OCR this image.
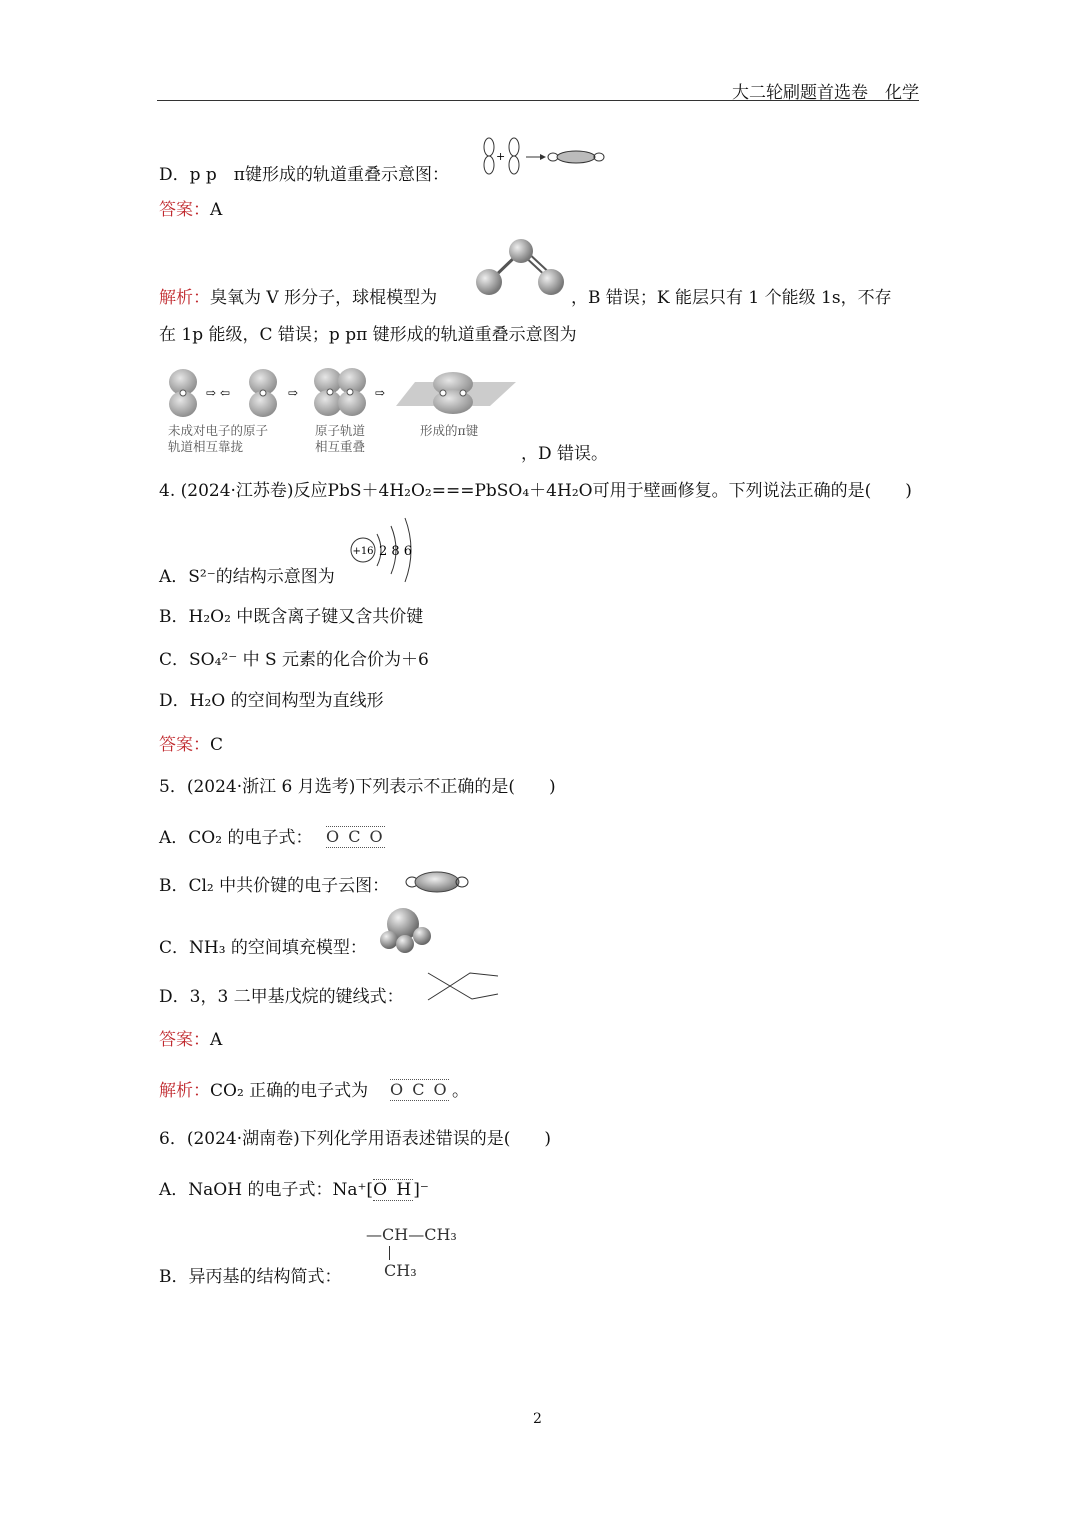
大二轮刷题首选卷　化学
D．p p　π键形成的轨道重叠示意图：
+
答案：A
解析：臭氧为 V 形分子，球棍模型为	，B 错误；K 能层只有 1 个能级 1s，不存
在 1p 能级，C 错误；p pπ 键形成的轨道重叠示意图为
⇨ ⇦	⇨	⇨
未成对电子的原子
轨道相互靠拢
原子轨道
相互重叠
形成的π键
，D 错误。
4. (2024·江苏卷)反应PbS＋4H₂O₂===PbSO₄＋4H₂O可用于壁画修复。下列说法正确的是(　　)
A．S²⁻的结构示意图为
+16 2 8 6
B．H₂O₂ 中既含离子键又含共价键
C．SO₄²⁻ 中 S 元素的化合价为＋6
D．H₂O 的空间构型为直线形
答案：C
5．(2024·浙江 6 月选考)下列表示不正确的是(　　)
A．CO₂ 的电子式： O C O
B．Cl₂ 中共价键的电子云图：
C．NH₃ 的空间填充模型：
D．3，3 二甲基戊烷的键线式：
答案：A
解析：CO₂ 正确的电子式为 O C O 。
6．(2024·湖南卷)下列化学用语表述错误的是(　　)
A．NaOH 的电子式：Na⁺[O H]⁻
B．异丙基的结构简式：
—CH—CH₃
CH₃
2
